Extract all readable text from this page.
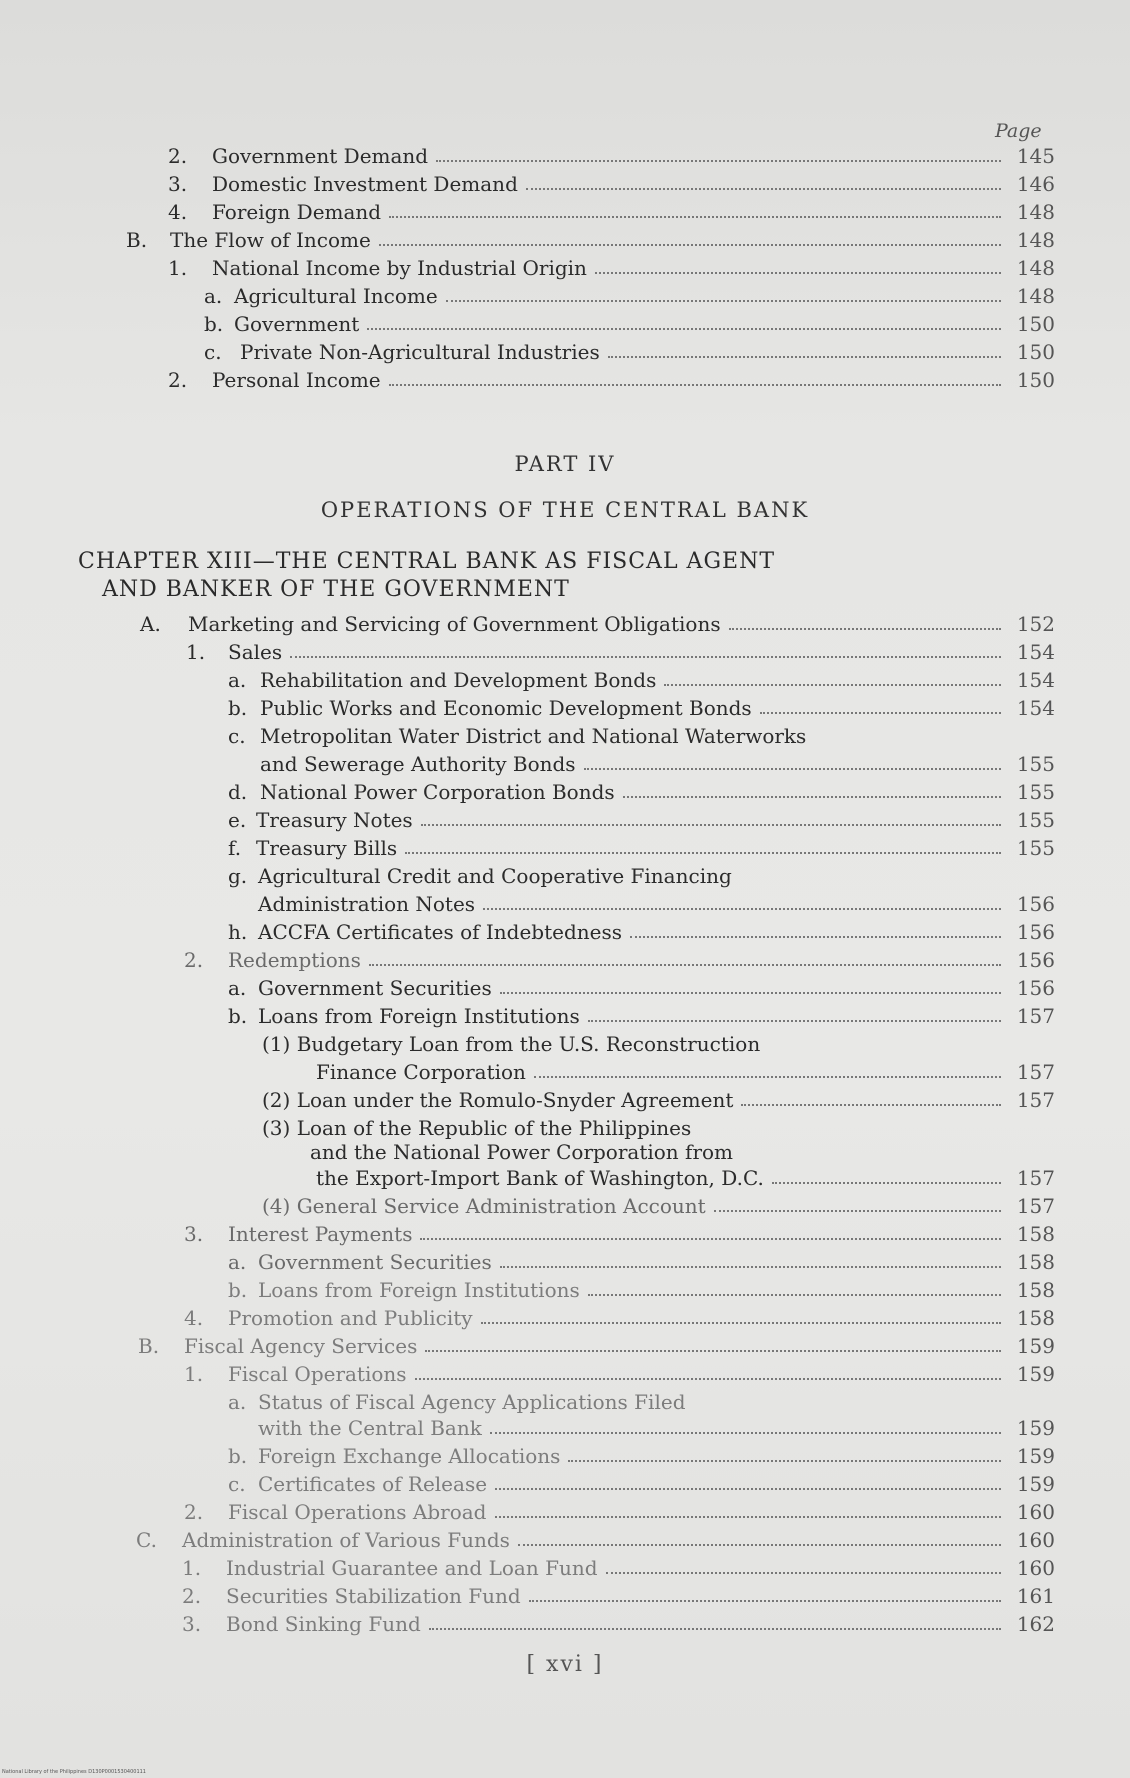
Page
2.	Government Demand	145
3.	Domestic Investment Demand	146
4.	Foreign Demand	148
B.	The Flow of Income	148
1.	National Income by Industrial Origin	148
a. Agricultural Income	148
b. Government	150
c. Private Non-Agricultural Industries	150
2.	Personal Income	150
PART IV
OPERATIONS OF THE CENTRAL BANK
CHAPTER XIII—THE CENTRAL BANK AS FISCAL AGENT
AND BANKER OF THE GOVERNMENT
A.	Marketing and Servicing of Government Obligations	152
1.	Sales	154
a. Rehabilitation and Development Bonds	154
b. Public Works and Economic Development Bonds	154
c. Metropolitan Water District and National Waterworks
and Sewerage Authority Bonds	155
d. National Power Corporation Bonds	155
e. Treasury Notes	155
f. Treasury Bills	155
g. Agricultural Credit and Cooperative Financing
Administration Notes	156
h. ACCFA Certificates of Indebtedness	156
2.	Redemptions	156
a. Government Securities	156
b. Loans from Foreign Institutions	157
(1) Budgetary Loan from the U.S. Reconstruction
Finance Corporation	157
(2) Loan under the Romulo-Snyder Agreement	157
(3) Loan of the Republic of the Philippines
and the National Power Corporation from
the Export-Import Bank of Washington, D.C.	157
(4) General Service Administration Account	157
3.	Interest Payments	158
a. Government Securities	158
b. Loans from Foreign Institutions	158
4.	Promotion and Publicity	158
B.	Fiscal Agency Services	159
1.	Fiscal Operations	159
a. Status of Fiscal Agency Applications Filed
with the Central Bank	159
b. Foreign Exchange Allocations	159
c. Certificates of Release	159
2.	Fiscal Operations Abroad	160
C.	Administration of Various Funds	160
1.	Industrial Guarantee and Loan Fund	160
2.	Securities Stabilization Fund	161
3.	Bond Sinking Fund	162
[ xvi ]
National Library of the Philippines D130P0001530400111
